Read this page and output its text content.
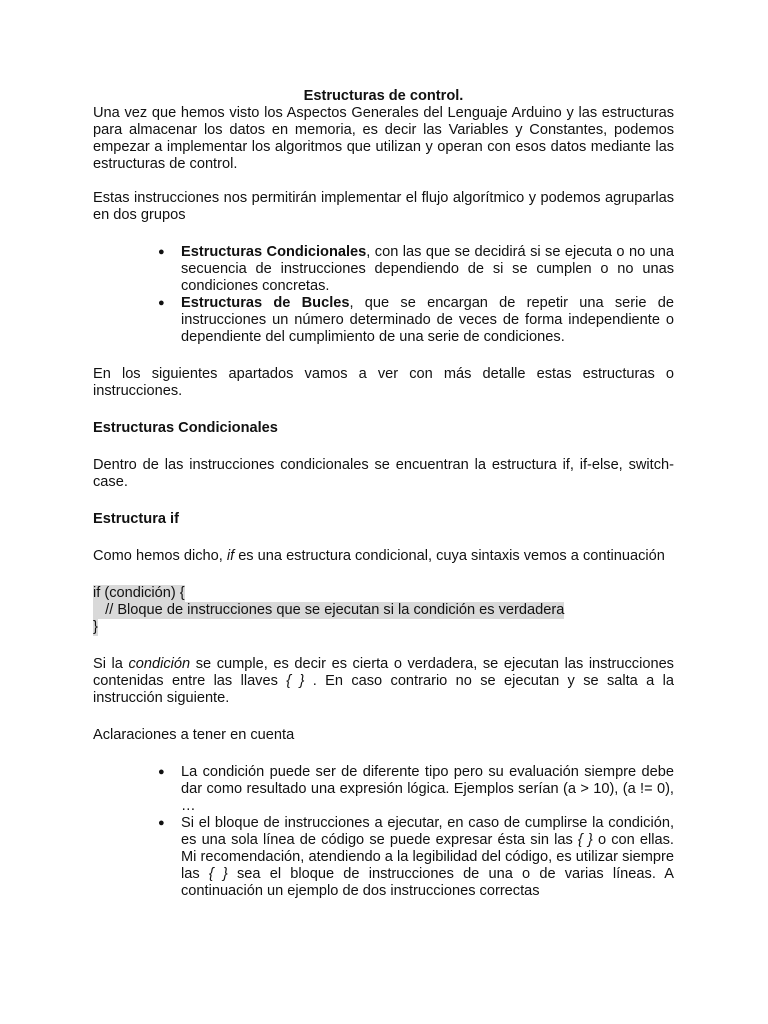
Estructuras de control.

Una vez que hemos visto los Aspectos Generales del Lenguaje Arduino y las estructuras para almacenar los datos en memoria, es decir las Variables y Constantes, podemos empezar a implementar los algoritmos que utilizan y operan con esos datos mediante las estructuras de control.

Estas instrucciones nos permitirán implementar el flujo algorítmico y podemos agruparlas en dos grupos

● Estructuras Condicionales, con las que se decidirá si se ejecuta o no una secuencia de instrucciones dependiendo de si se cumplen o no unas condiciones concretas.
● Estructuras de Bucles, que se encargan de repetir una serie de instrucciones un número determinado de veces de forma independiente o dependiente del cumplimiento de una serie de condiciones.

En los siguientes apartados vamos a ver con más detalle estas estructuras o instrucciones.

Estructuras Condicionales

Dentro de las instrucciones condicionales se encuentran la estructura if, if-else, switch-case.

Estructura if

Como hemos dicho, if es una estructura condicional, cuya sintaxis vemos a continuación

if (condición) {
// Bloque de instrucciones que se ejecutan si la condición es verdadera
}

Si la condición se cumple, es decir es cierta o verdadera, se ejecutan las instrucciones contenidas entre las llaves { } . En caso contrario no se ejecutan y se salta a la instrucción siguiente.

Aclaraciones a tener en cuenta

● La condición puede ser de diferente tipo pero su evaluación siempre debe dar como resultado una expresión lógica. Ejemplos serían (a > 10), (a != 0), …
● Si el bloque de instrucciones a ejecutar, en caso de cumplirse la condición, es una sola línea de código se puede expresar ésta sin las { } o con ellas. Mi recomendación, atendiendo a la legibilidad del código, es utilizar siempre las { } sea el bloque de instrucciones de una o de varias líneas. A continuación un ejemplo de dos instrucciones correctas
